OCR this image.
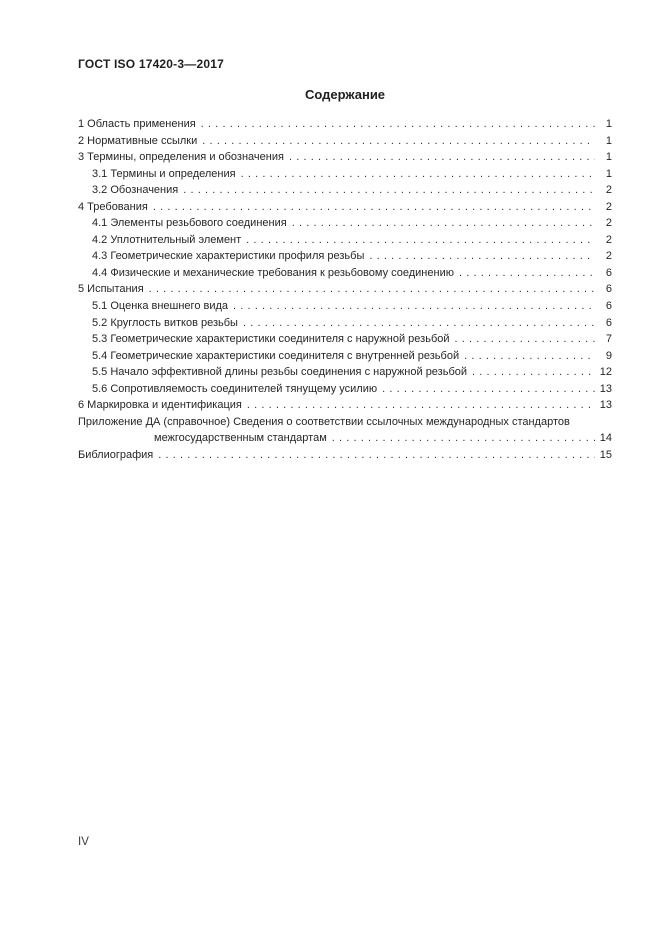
ГОСТ ISO 17420-3—2017
Содержание
1 Область применения .....	1
2 Нормативные ссылки .....	1
3 Термины, определения и обозначения .....	1
3.1 Термины и определения .....	1
3.2 Обозначения .....	2
4 Требования .....	2
4.1 Элементы резьбового соединения .....	2
4.2 Уплотнительный элемент .....	2
4.3 Геометрические характеристики профиля резьбы .....	2
4.4 Физические и механические требования к резьбовому соединению .....	6
5 Испытания .....	6
5.1 Оценка внешнего вида .....	6
5.2 Круглость витков резьбы .....	6
5.3 Геометрические характеристики соединителя с наружной резьбой .....	7
5.4 Геометрические характеристики соединителя с внутренней резьбой .....	9
5.5 Начало эффективной длины резьбы соединения с наружной резьбой .....	12
5.6 Сопротивляемость соединителей тянущему усилию .....	13
6 Маркировка и идентификация .....	13
Приложение ДА (справочное) Сведения о соответствии ссылочных международных стандартов
межгосударственным стандартам .....	14
Библиография .....	15
IV
